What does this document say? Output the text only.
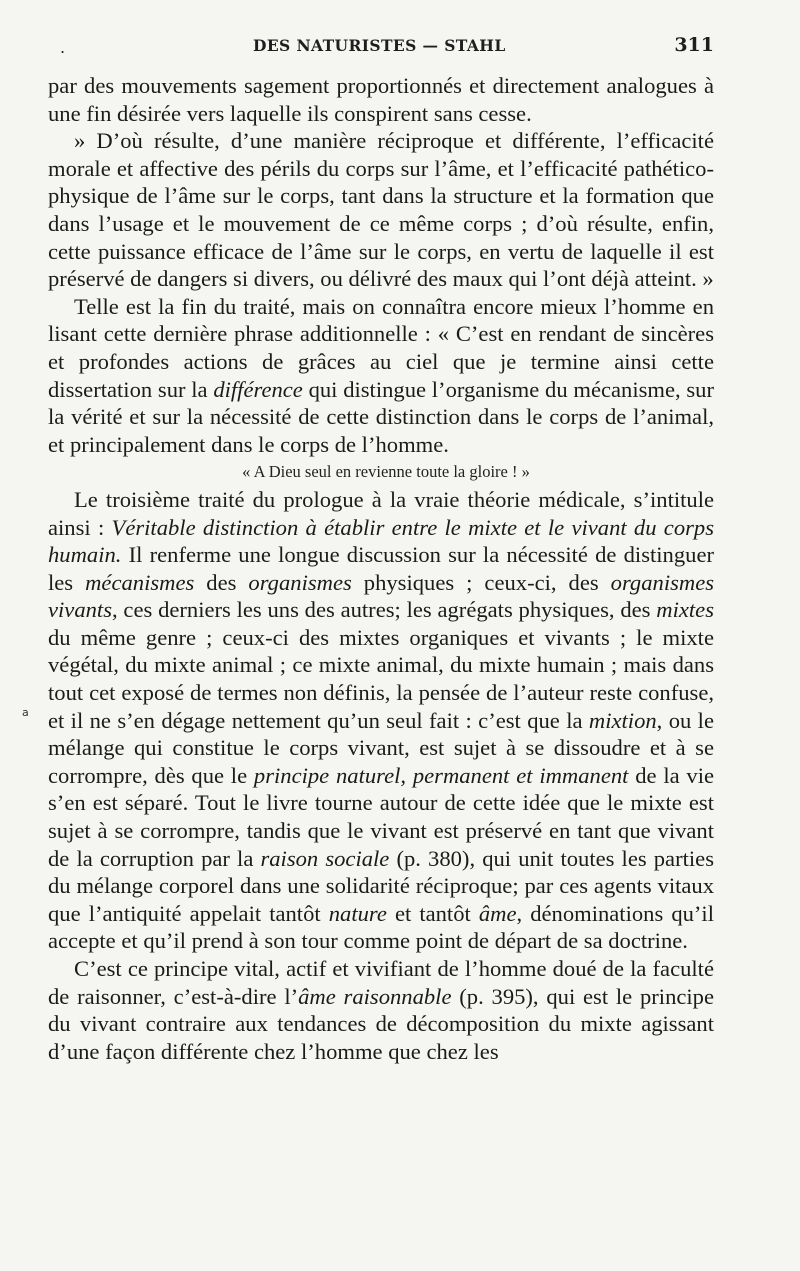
.	DES NATURISTES — STAHL	311
a

par des mouvements sagement proportionnés et directement analogues à une fin désirée vers laquelle ils conspirent sans cesse.

» D’où résulte, d’une manière réciproque et différente, l’efficacité morale et affective des périls du corps sur l’âme, et l’efficacité pathético-physique de l’âme sur le corps, tant dans la structure et la formation que dans l’usage et le mouvement de ce même corps ; d’où résulte, enfin, cette puissance efficace de l’âme sur le corps, en vertu de laquelle il est préservé de dangers si divers, ou délivré des maux qui l’ont déjà atteint. »

Telle est la fin du traité, mais on connaîtra encore mieux l’homme en lisant cette dernière phrase additionnelle : « C’est en rendant de sincères et profondes actions de grâces au ciel que je termine ainsi cette dissertation sur la différence qui distingue l’organisme du mécanisme, sur la vérité et sur la nécessité de cette distinction dans le corps de l’animal, et principalement dans le corps de l’homme.

« A Dieu seul en revienne toute la gloire ! »

Le troisième traité du prologue à la vraie théorie médicale, s’intitule ainsi : Véritable distinction à établir entre le mixte et le vivant du corps humain. Il renferme une longue discussion sur la nécessité de distinguer les mécanismes des organismes physiques ; ceux-ci, des organismes vivants, ces derniers les uns des autres; les agrégats physiques, des mixtes du même genre ; ceux-ci des mixtes organiques et vivants ; le mixte végétal, du mixte animal ; ce mixte animal, du mixte humain ; mais dans tout cet exposé de termes non définis, la pensée de l’auteur reste confuse, et il ne s’en dégage nettement qu’un seul fait : c’est que la mixtion, ou le mélange qui constitue le corps vivant, est sujet à se dissoudre et à se corrompre, dès que le principe naturel, permanent et immanent de la vie s’en est séparé. Tout le livre tourne autour de cette idée que le mixte est sujet à se corrompre, tandis que le vivant est préservé en tant que vivant de la corruption par la raison sociale (p. 380), qui unit toutes les parties du mélange corporel dans une solidarité réciproque; par ces agents vitaux que l’antiquité appelait tantôt nature et tantôt âme, dénominations qu’il accepte et qu’il prend à son tour comme point de départ de sa doctrine.

C’est ce principe vital, actif et vivifiant de l’homme doué de la faculté de raisonner, c’est-à-dire l’âme raisonnable (p. 395), qui est le principe du vivant contraire aux tendances de décomposition du mixte agissant d’une façon différente chez l’homme que chez les
